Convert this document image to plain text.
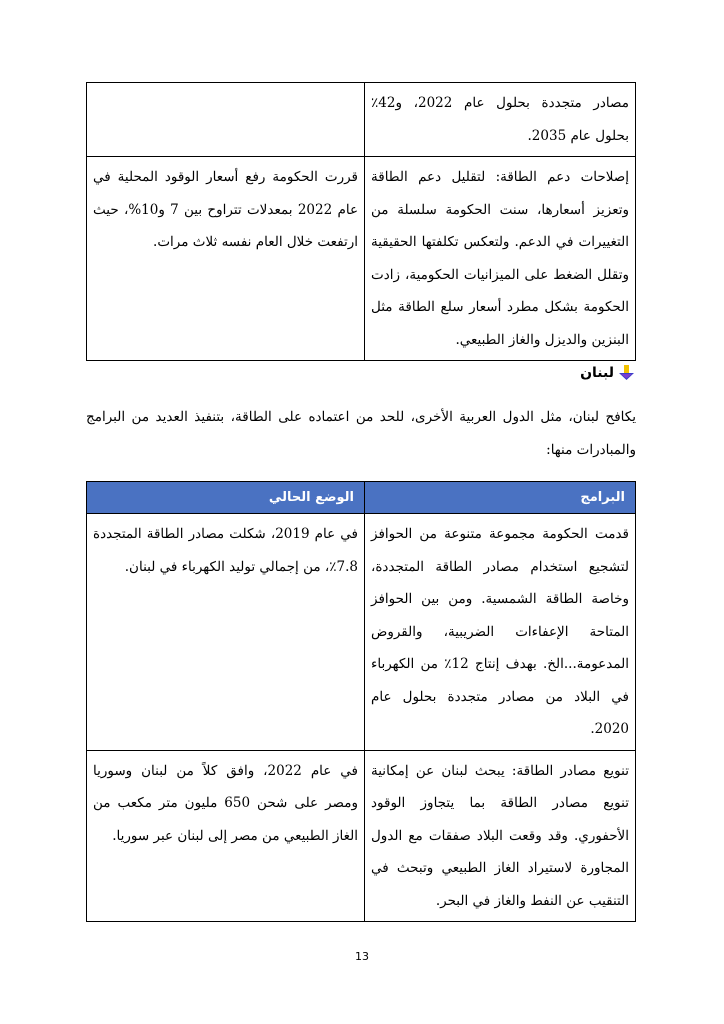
مصادر متجددة بحلول عام 2022، و42٪ بحلول عام 2035.	
إصلاحات دعم الطاقة: لتقليل دعم الطاقة وتعزيز أسعارها، سنت الحكومة سلسلة من التغييرات في الدعم. ولتعكس تكلفتها الحقيقية وتقلل الضغط على الميزانيات الحكومية، زادت الحكومة بشكل مطرد أسعار سلع الطاقة مثل البنزين والديزل والغاز الطبيعي.	قررت الحكومة رفع أسعار الوقود المحلية في عام 2022 بمعدلات تتراوح بين 7 و10%، حيث ارتفعت خلال العام نفسه ثلاث مرات.
لبنان
يكافح لبنان، مثل الدول العربية الأخرى، للحد من اعتماده على الطاقة، بتنفيذ العديد من البرامج والمبادرات منها:
البرامج	الوضع الحالي
قدمت الحكومة مجموعة متنوعة من الحوافز لتشجيع استخدام مصادر الطاقة المتجددة، وخاصة الطاقة الشمسية. ومن بين الحوافز المتاحة الإعفاءات الضريبية، والقروض المدعومة...الخ. بهدف إنتاج 12٪ من الكهرباء في البلاد من مصادر متجددة بحلول عام 2020.	في عام 2019، شكلت مصادر الطاقة المتجددة 7.8٪، من إجمالي توليد الكهرباء في لبنان.
تنويع مصادر الطاقة: يبحث لبنان عن إمكانية تنويع مصادر الطاقة بما يتجاوز الوقود الأحفوري. وقد وقعت البلاد صفقات مع الدول المجاورة لاستيراد الغاز الطبيعي وتبحث في التنقيب عن النفط والغاز في البحر.	في عام 2022، وافق كلاً من لبنان وسوريا ومصر على شحن 650 مليون متر مكعب من الغاز الطبيعي من مصر إلى لبنان عبر سوريا.
13
